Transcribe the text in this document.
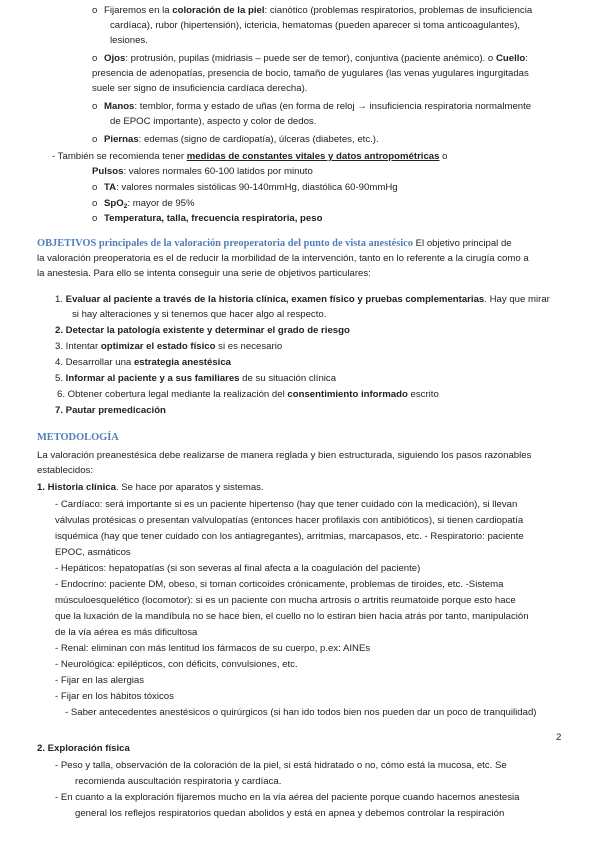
o Fijaremos en la coloración de la piel: cianótico (problemas respiratorios, problemas de insuficiencia
cardíaca), rubor (hipertensión), ictericia, hematomas (pueden aparecer si toma anticoagulantes),
lesiones.
o Ojos: protrusión, pupilas (midriasis – puede ser de temor), conjuntiva (paciente anémico). o Cuello:
presencia de adenopatías, presencia de bocio, tamaño de yugulares (las venas yugulares ingurgitadas
suele ser signo de insuficiencia cardíaca derecha).
o Manos: temblor, forma y estado de uñas (en forma de reloj → insuficiencia respiratoria normalmente
de EPOC importante), aspecto y color de dedos.
o Piernas: edemas (signo de cardiopatía), úlceras (diabetes, etc.).
- También se recomienda tener medidas de constantes vitales y datos antropométricas o
Pulsos: valores normales 60-100 latidos por minuto
o TA: valores normales sistólicas 90-140mmHg, diastólica 60-90mmHg
o SpO$_2$: mayor de 95%
o Temperatura, talla, frecuencia respiratoria, peso
OBJETIVOS principales de la valoración preoperatoria del punto de vista anestésico El objetivo principal de
la valoración preoperatoria es el de reducir la morbilidad de la intervención, tanto en lo referente a la cirugía como a
la anestesia. Para ello se intenta conseguir una serie de objetivos particulares:
1. Evaluar al paciente a través de la historia clínica, examen físico y pruebas complementarias. Hay que mirar
si hay alteraciones y si tenemos que hacer algo al respecto.
2. Detectar la patología existente y determinar el grado de riesgo
3. Intentar optimizar el estado físico si es necesario
4. Desarrollar una estrategia anestésica
5. Informar al paciente y a sus familiares de su situación clínica
6. Obtener cobertura legal mediante la realización del consentimiento informado escrito
7. Pautar premedicación
METODOLOGÍA
La valoración preanestésica debe realizarse de manera reglada y bien estructurada, siguiendo los pasos razonables
establecidos:
1. Historia clínica. Se hace por aparatos y sistemas.
- Cardíaco: será importante si es un paciente hipertenso (hay que tener cuidado con la medicación), si llevan
válvulas protésicas o presentan valvulopatías (entonces hacer profilaxis con antibióticos), si tienen cardiopatía
isquémica (hay que tener cuidado con los antiagregantes), arritmias, marcapasos, etc. - Respiratorio: paciente
EPOC, asmáticos
- Hepáticos: hepatopatías (si son severas al final afecta a la coagulación del paciente)
- Endocrino: paciente DM, obeso, si toman corticoides crónicamente, problemas de tiroides, etc. -Sistema
músculoesquelético (locomotor): si es un paciente con mucha artrosis o artritis reumatoide porque esto hace
que la luxación de la mandíbula no se hace bien, el cuello no lo estiran bien hacia atrás por tanto, manipulación
de la vía aérea es más dificultosa
- Renal: eliminan con más lentitud los fármacos de su cuerpo, p.ex: AINEs
- Neurológica: epilépticos, con déficits, convulsiones, etc.
- Fijar en las alergias
- Fijar en los hábitos tóxicos
- Saber antecedentes anestésicos o quirúrgicos (si han ido todos bien nos pueden dar un poco de tranquilidad)
2
2. Exploración física
- Peso y talla, observación de la coloración de la piel, si está hidratado o no, cómo está la mucosa, etc. Se
recomienda auscultación respiratoria y cardíaca.
- En cuanto a la exploración fijaremos mucho en la vía aérea del paciente porque cuando hacemos anestesia
general los reflejos respiratorios quedan abolidos y está en apnea y debemos controlar la respiración
